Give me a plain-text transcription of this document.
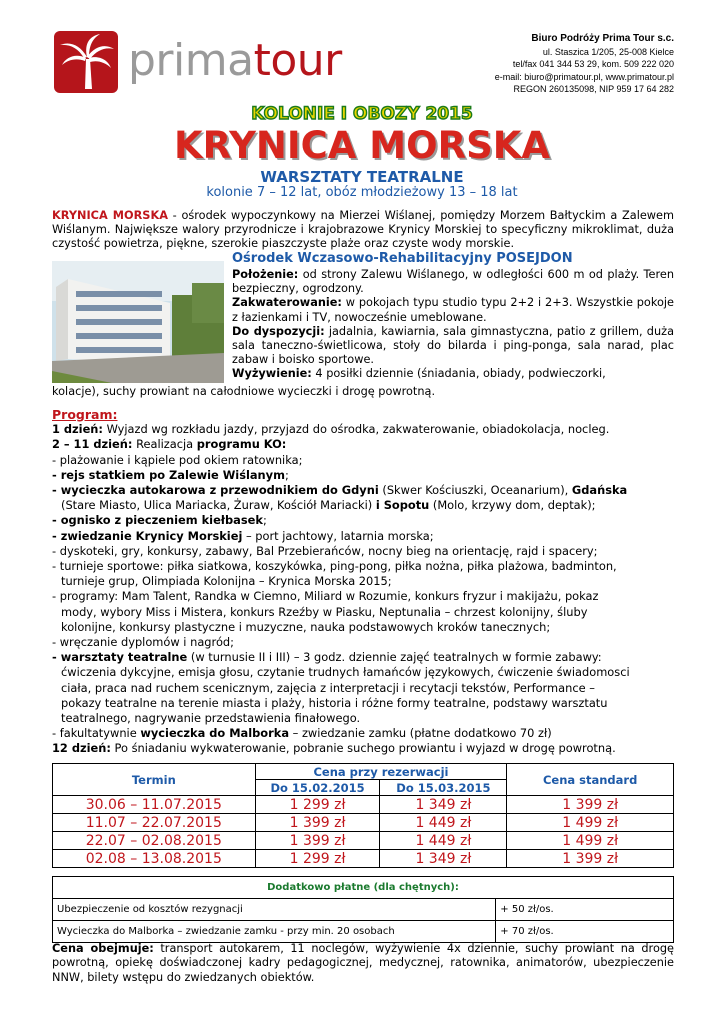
primatour	Biuro Podróży Prima Tour s.c.
ul. Staszica 1/205, 25-008 Kielce
tel/fax 041 344 53 29, kom. 509 222 020
e-mail: biuro@primatour.pl, www.primatour.pl
REGON 260135098, NIP 959 17 64 282
KOLONIE I OBOZY 2015
KRYNICA MORSKA
WARSZTATY TEATRALNE
kolonie 7 – 12 lat, obóz młodzieżowy 13 – 18 lat
KRYNICA MORSKA - ośrodek wypoczynkowy na Mierzei Wiślanej, pomiędzy Morzem Bałtyckim a Zalewem Wiślanym. Największe walory przyrodnicze i krajobrazowe Krynicy Morskiej to specyficzny mikroklimat, duża czystość powietrza, piękne, szerokie piaszczyste plaże oraz czyste wody morskie.
Ośrodek Wczasowo-Rehabilitacyjny POSEJDON
Położenie: od strony Zalewu Wiślanego, w odległości 600 m od plaży. Teren bezpieczny, ogrodzony.
Zakwaterowanie: w pokojach typu studio typu 2+2 i 2+3. Wszystkie pokoje z łazienkami i TV, nowocześnie umeblowane.
Do dyspozycji: jadalnia, kawiarnia, sala gimnastyczna, patio z grillem, duża sala taneczno-świetlicowa, stoły do bilarda i ping-ponga, sala narad, plac zabaw i boisko sportowe.
Wyżywienie: 4 posiłki dziennie (śniadania, obiady, podwieczorki,
kolacje), suchy prowiant na całodniowe wycieczki i drogę powrotną.
Program:
1 dzień: Wyjazd wg rozkładu jazdy, przyjazd do ośrodka, zakwaterowanie, obiadokolacja, nocleg.
2 – 11 dzień: Realizacja programu KO:
- plażowanie i kąpiele pod okiem ratownika;
- rejs statkiem po Zalewie Wiślanym;
- wycieczka autokarowa z przewodnikiem do Gdyni (Skwer Kościuszki, Oceanarium), Gdańska
(Stare Miasto, Ulica Mariacka, Żuraw, Kościół Mariacki) i Sopotu (Molo, krzywy dom, deptak);
- ognisko z pieczeniem kiełbasek;
- zwiedzanie Krynicy Morskiej – port jachtowy, latarnia morska;
- dyskoteki, gry, konkursy, zabawy, Bal Przebierańców, nocny bieg na orientację, rajd i spacery;
- turnieje sportowe: piłka siatkowa, koszykówka, ping-pong, piłka nożna, piłka plażowa, badminton,
turnieje grup, Olimpiada Kolonijna – Krynica Morska 2015;
- programy: Mam Talent, Randka w Ciemno, Miliard w Rozumie, konkurs fryzur i makijażu, pokaz
mody, wybory Miss i Mistera, konkurs Rzeźby w Piasku, Neptunalia – chrzest kolonijny, śluby
kolonijne, konkursy plastyczne i muzyczne, nauka podstawowych kroków tanecznych;
- wręczanie dyplomów i nagród;
- warsztaty teatralne (w turnusie II i III) – 3 godz. dziennie zajęć teatralnych w formie zabawy:
ćwiczenia dykcyjne, emisja głosu, czytanie trudnych łamańców językowych, ćwiczenie świadomosci
ciała, praca nad ruchem scenicznym, zajęcia z interpretacji i recytacji tekstów, Performance –
pokazy teatralne na terenie miasta i plaży, historia i różne formy teatralne, podstawy warsztatu
teatralnego, nagrywanie przedstawienia finałowego.
- fakultatywnie wycieczka do Malborka – zwiedzanie zamku (płatne dodatkowo 70 zł)
12 dzień: Po śniadaniu wykwaterowanie, pobranie suchego prowiantu i wyjazd w drogę powrotną.
Termin	Cena przy rezerwacji		Cena standard
	Do 15.02.2015	Do 15.03.2015	
30.06 – 11.07.2015	1 299 zł	1 349 zł	1 399 zł
11.07 – 22.07.2015	1 399 zł	1 449 zł	1 499 zł
22.07 – 02.08.2015	1 399 zł	1 449 zł	1 499 zł
02.08 – 13.08.2015	1 299 zł	1 349 zł	1 399 zł
Dodatkowo płatne (dla chętnych):	
Ubezpieczenie od kosztów rezygnacji	+ 50 zł/os.
Wycieczka do Malborka – zwiedzanie zamku - przy min. 20 osobach	+ 70 zł/os.
Cena obejmuje: transport autokarem, 11 noclegów, wyżywienie 4x dziennie, suchy prowiant na drogę powrotną, opiekę doświadczonej kadry pedagogicznej, medycznej, ratownika, animatorów, ubezpieczenie NNW, bilety wstępu do zwiedzanych obiektów.
